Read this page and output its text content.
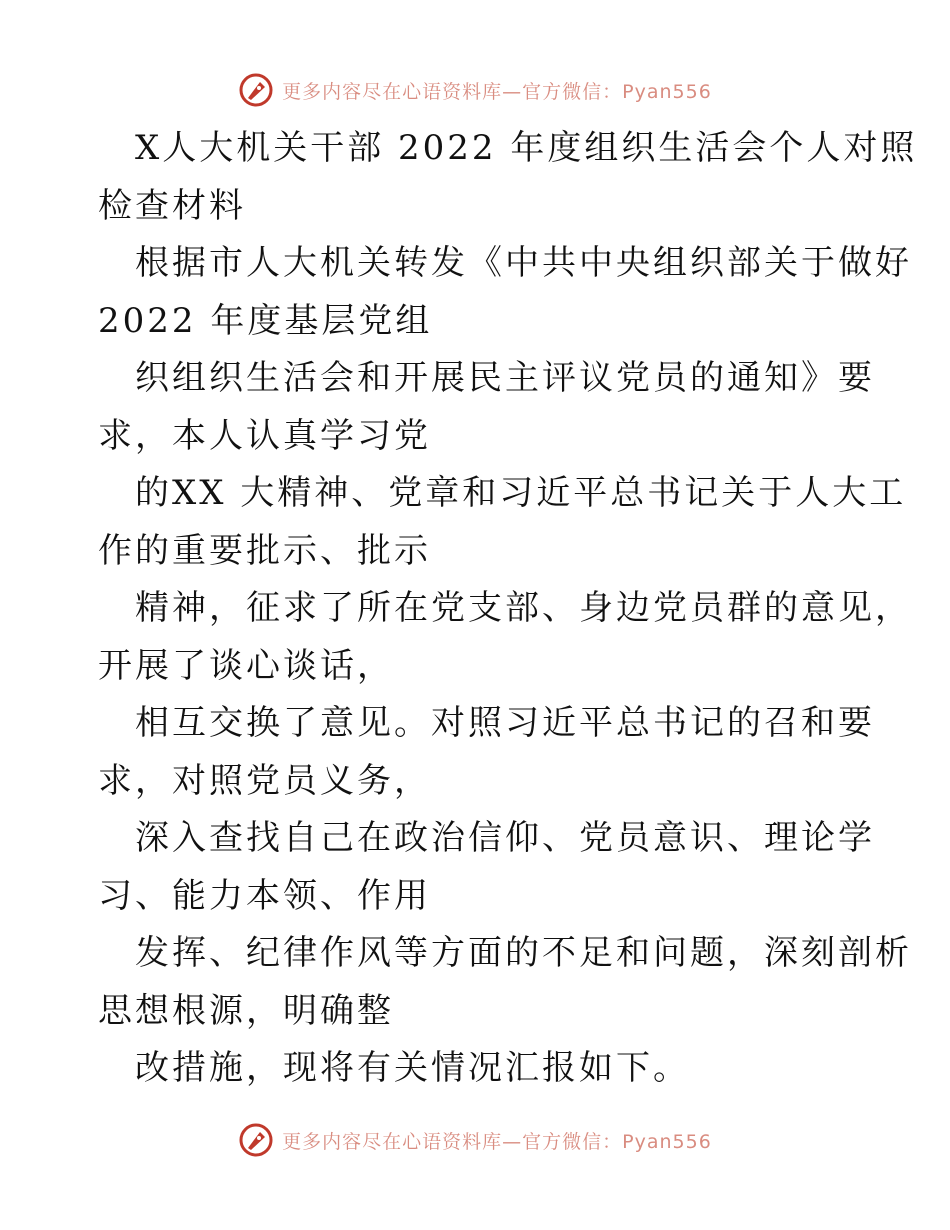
更多内容尽在心语资料库—官方微信：Pyan556
X人大机关干部 2022 年度组织生活会个人对照
检查材料
根据市人大机关转发《中共中央组织部关于做好
2022 年度基层党组
织组织生活会和开展民主评议党员的通知》要
求，本人认真学习党
的XX 大精神、党章和习近平总书记关于人大工
作的重要批示、批示
精神，征求了所在党支部、身边党员群的意见，
开展了谈心谈话，
相互交换了意见。对照习近平总书记的召和要
求，对照党员义务，
深入查找自己在政治信仰、党员意识、理论学
习、能力本领、作用
发挥、纪律作风等方面的不足和问题，深刻剖析
思想根源，明确整
改措施，现将有关情况汇报如下。
更多内容尽在心语资料库—官方微信：Pyan556
